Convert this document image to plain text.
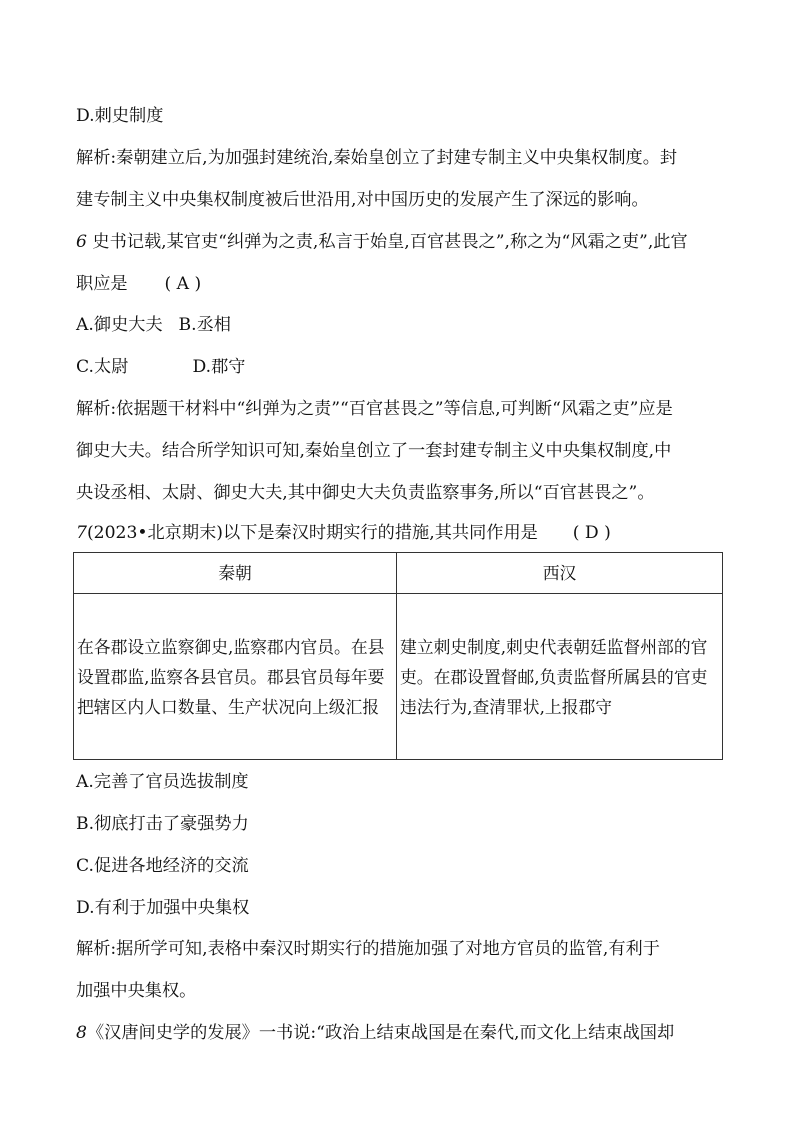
D.刺史制度
解析:秦朝建立后,为加强封建统治,秦始皇创立了封建专制主义中央集权制度。封
建专制主义中央集权制度被后世沿用,对中国历史的发展产生了深远的影响。
6 史书记载,某官吏“纠弹为之责,私言于始皇,百官甚畏之”,称之为“风霜之吏”,此官
职应是 ( A )
A.御史大夫 B.丞相
C.太尉	D.郡守
解析:依据题干材料中“纠弹为之责”“百官甚畏之”等信息,可判断“风霜之吏”应是
御史大夫。结合所学知识可知,秦始皇创立了一套封建专制主义中央集权制度,中
央设丞相、太尉、御史大夫,其中御史大夫负责监察事务,所以“百官甚畏之”。
7(2023•北京期末)以下是秦汉时期实行的措施,其共同作用是 ( D )
秦朝	西汉
在各郡设立监察御史,监察郡内官员。在县设置郡监,监察各县官员。郡县官员每年要把辖区内人口数量、生产状况向上级汇报	建立刺史制度,刺史代表朝廷监督州部的官吏。在郡设置督邮,负责监督所属县的官吏违法行为,查清罪状,上报郡守
A.完善了官员选拔制度
B.彻底打击了豪强势力
C.促进各地经济的交流
D.有利于加强中央集权
解析:据所学可知,表格中秦汉时期实行的措施加强了对地方官员的监管,有利于
加强中央集权。
8《汉唐间史学的发展》一书说:“政治上结束战国是在秦代,而文化上结束战国却
